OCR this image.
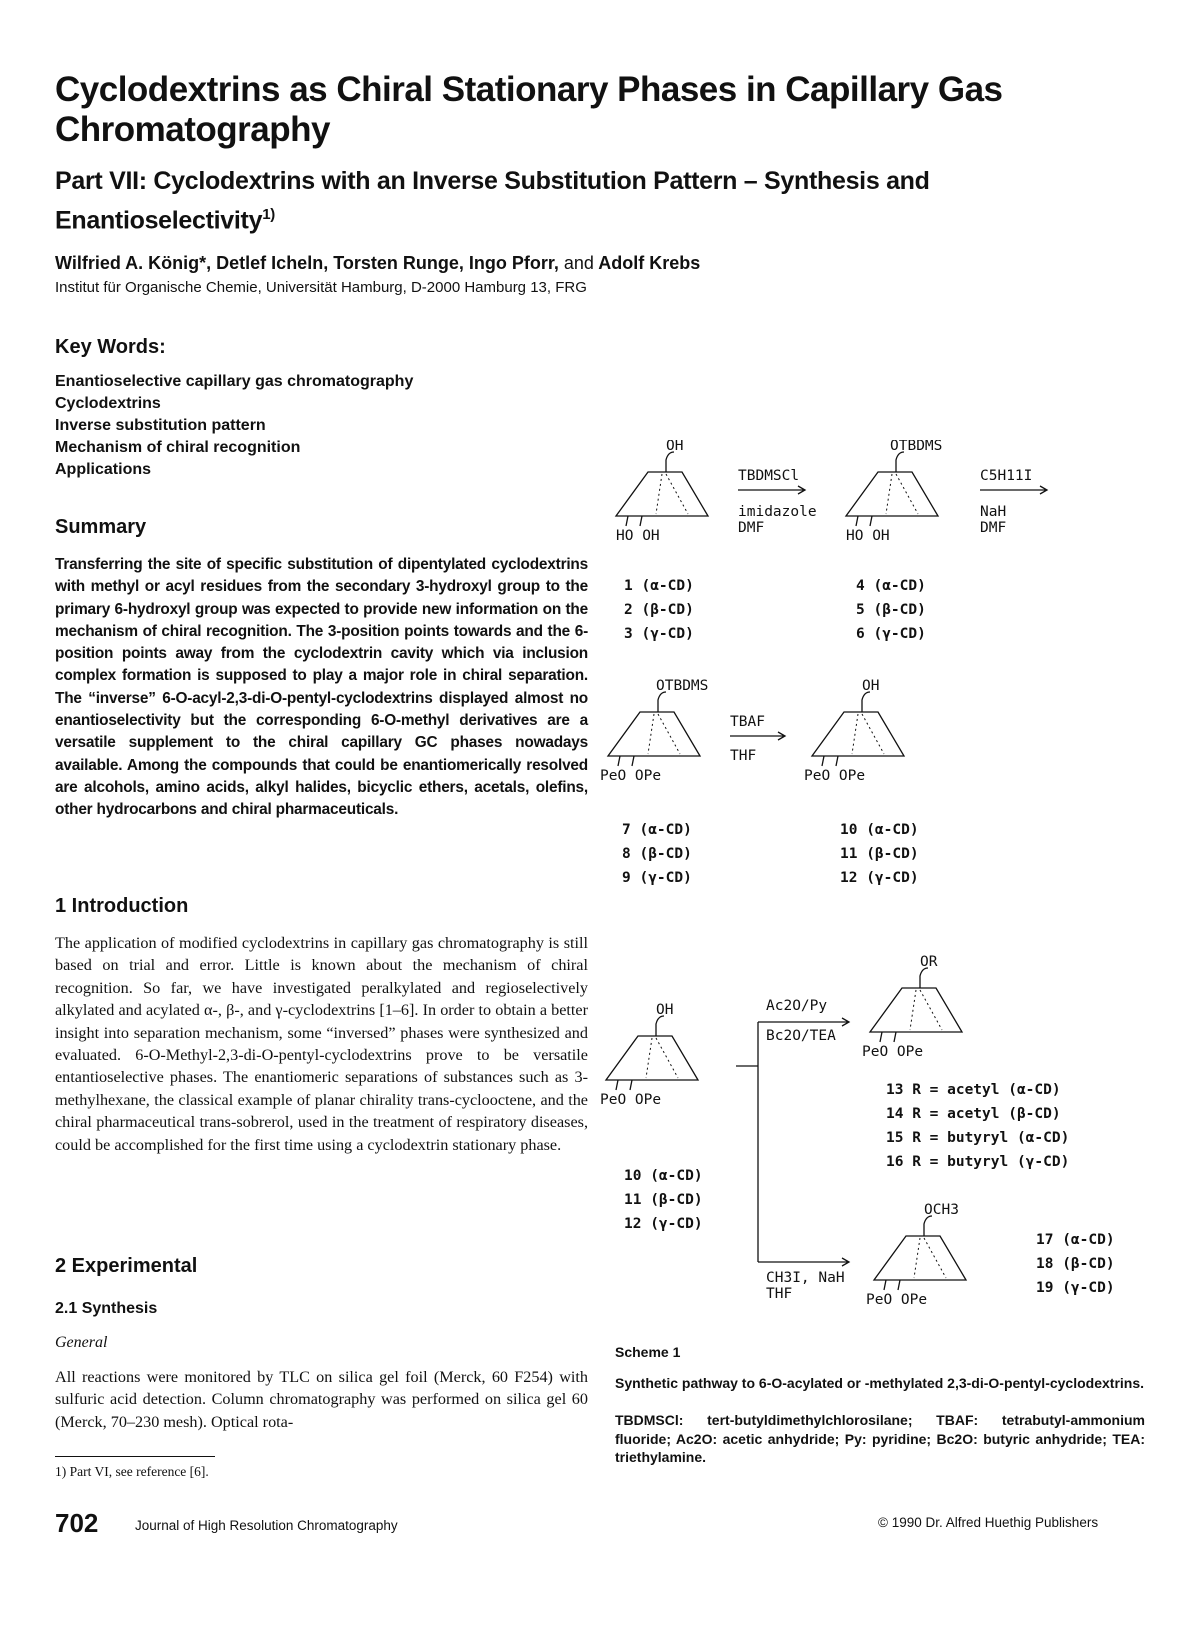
Cyclodextrins as Chiral Stationary Phases in Capillary Gas Chromatography
Part VII: Cyclodextrins with an Inverse Substitution Pattern – Synthesis and Enantioselectivity$^{1)}$
Wilfried A. König*, Detlef Icheln, Torsten Runge, Ingo Pforr, and Adolf Krebs
Institut für Organische Chemie, Universität Hamburg, D-2000 Hamburg 13, FRG
Key Words:
Enantioselective capillary gas chromatography
Cyclodextrins
Inverse substitution pattern
Mechanism of chiral recognition
Applications
Summary
Transferring the site of specific substitution of dipentylated cyclodextrins with methyl or acyl residues from the secondary 3-hydroxyl group to the primary 6-hydroxyl group was expected to provide new information on the mechanism of chiral recognition. The 3-position points towards and the 6-position points away from the cyclodextrin cavity which via inclusion complex formation is supposed to play a major role in chiral separation. The “inverse” 6-O-acyl-2,3-di-O-pentyl-cyclodextrins displayed almost no enantioselectivity but the corresponding 6-O-methyl derivatives are a versatile supplement to the chiral capillary GC phases nowadays available. Among the compounds that could be enantiomerically resolved are alcohols, amino acids, alkyl halides, bicyclic ethers, acetals, olefins, other hydrocarbons and chiral pharmaceuticals.
1 Introduction
The application of modified cyclodextrins in capillary gas chromatography is still based on trial and error. Little is known about the mechanism of chiral recognition. So far, we have investigated peralkylated and regioselectively alkylated and acylated α-, β-, and γ-cyclodextrins [1–6]. In order to obtain a better insight into separation mechanism, some “inversed” phases were synthesized and evaluated. 6-O-Methyl-2,3-di-O-pentyl-cyclodextrins prove to be versatile entantioselective phases. The enantiomeric separations of substances such as 3-methylhexane, the classical example of planar chirality trans-cyclooctene, and the chiral pharmaceutical trans-sobrerol, used in the treatment of respiratory diseases, could be accomplished for the first time using a cyclodextrin stationary phase.
2 Experimental
2.1 Synthesis
General
All reactions were monitored by TLC on silica gel foil (Merck, 60 F254) with sulfuric acid detection. Column chromatography was performed on silica gel 60 (Merck, 70–230 mesh). Optical rota-
1) Part VI, see reference [6].
702	Journal of High Resolution Chromatography	© 1990 Dr. Alfred Huethig Publishers
OH
HO OH
TBDMSCl
imidazole
DMF
OTBDMS
HO OH
C5H11I
NaH
DMF
1 (α-CD)
2 (β-CD)
3 (γ-CD)
4 (α-CD)
5 (β-CD)
6 (γ-CD)
OTBDMS
PeO OPe
TBAF
THF
OH
PeO OPe
7 (α-CD)
8 (β-CD)
9 (γ-CD)
10 (α-CD)
11 (β-CD)
12 (γ-CD)
OH
PeO OPe
10 (α-CD)
11 (β-CD)
12 (γ-CD)
Ac2O/Py
Bc2O/TEA
CH3I, NaH
THF
OR
PeO OPe
13 R = acetyl (α-CD)
14 R = acetyl (β-CD)
15 R = butyryl (α-CD)
16 R = butyryl (γ-CD)
OCH3
PeO OPe
17 (α-CD)
18 (β-CD)
19 (γ-CD)
Scheme 1
Synthetic pathway to 6-O-acylated or -methylated 2,3-di-O-pentyl-cyclodextrins.
TBDMSCl: tert-butyldimethylchlorosilane; TBAF: tetrabutyl-ammonium fluoride; Ac2O: acetic anhydride; Py: pyridine; Bc2O: butyric anhydride; TEA: triethylamine.
